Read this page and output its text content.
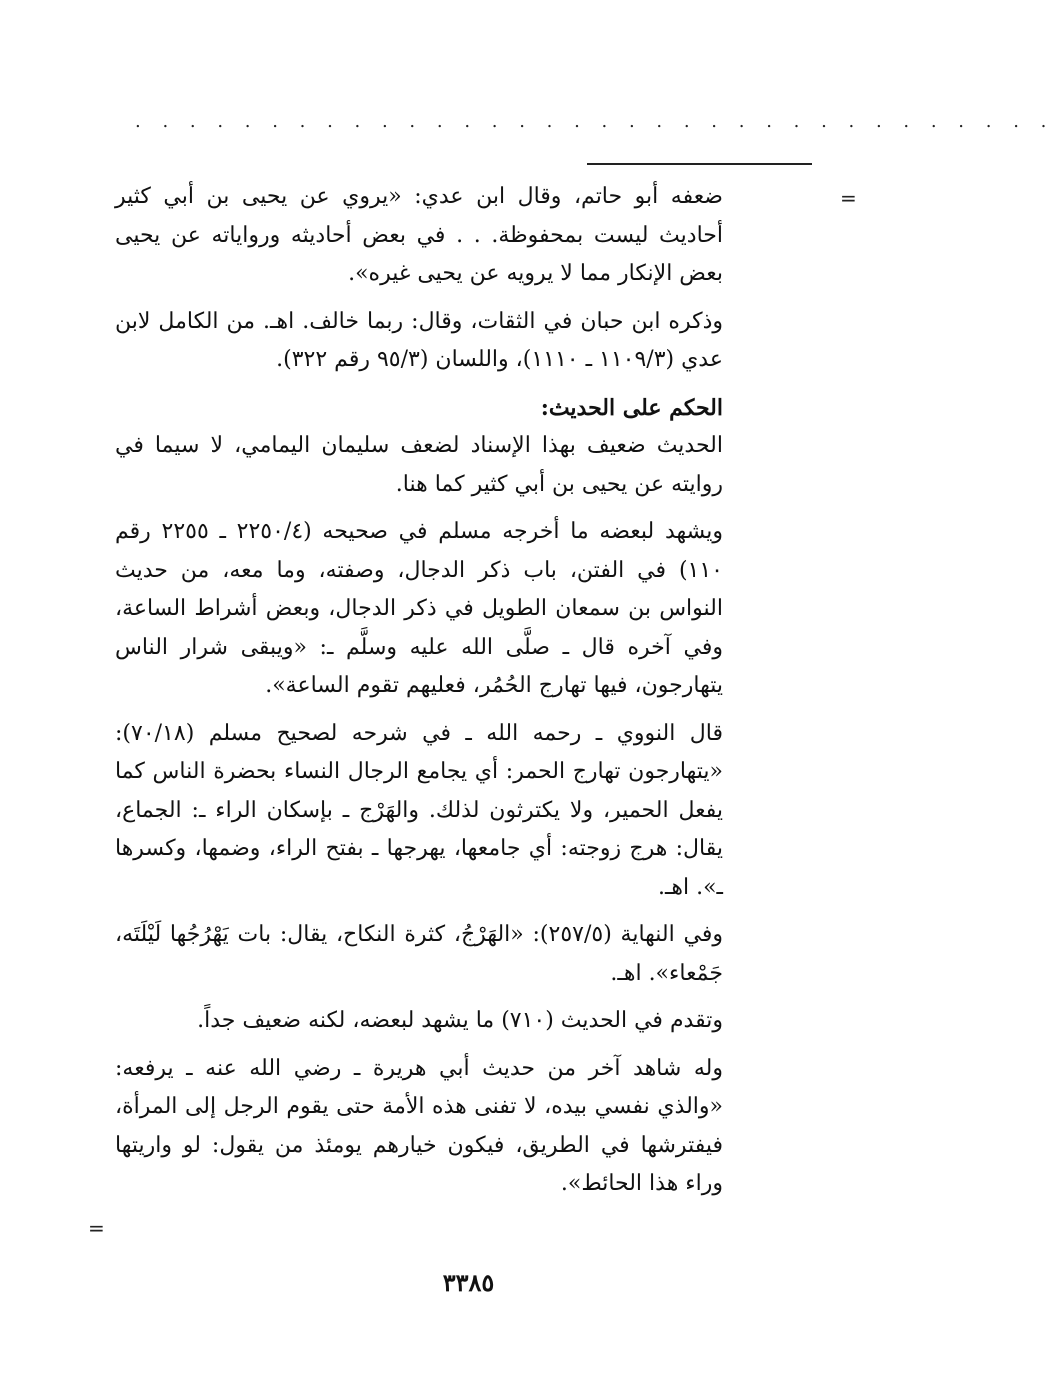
. . . . . . . . . . . . . . . . . . . . . . . . . . . . . . . . . .
=

ضعفه أبو حاتم، وقال ابن عدي: «يروي عن يحيى بن أبي كثير أحاديث ليست بمحفوظة. . . في بعض أحاديثه ورواياته عن يحيى بعض الإنكار مما لا يرويه عن يحيى غيره».

وذكره ابن حبان في الثقات، وقال: ربما خالف. اهـ. من الكامل لابن عدي (١١٠٩/٣ ـ ١١١٠)، واللسان (٩٥/٣ رقم ٣٢٢).

الحكم على الحديث:

الحديث ضعيف بهذا الإسناد لضعف سليمان اليمامي، لا سيما في روايته عن يحيى بن أبي كثير كما هنا.

ويشهد لبعضه ما أخرجه مسلم في صحيحه (٢٢٥٠/٤ ـ ٢٢٥٥ رقم ١١٠) في الفتن، باب ذكر الدجال، وصفته، وما معه، من حديث النواس بن سمعان الطويل في ذكر الدجال، وبعض أشراط الساعة، وفي آخره قال ـ صلَّى الله عليه وسلَّم ـ: «ويبقى شرار الناس يتهارجون، فيها تهارج الحُمُر، فعليهم تقوم الساعة».

قال النووي ـ رحمه الله ـ في شرحه لصحيح مسلم (٧٠/١٨): «يتهارجون تهارج الحمر: أي يجامع الرجال النساء بحضرة الناس كما يفعل الحمير، ولا يكترثون لذلك. والهَرْج ـ بإسكان الراء ـ: الجماع، يقال: هرج زوجته: أي جامعها، يهرجها ـ بفتح الراء، وضمها، وكسرها ـ». اهـ.

وفي النهاية (٢٥٧/٥): «الهَرْجُ، كثرة النكاح، يقال: بات يَهْرُجُها لَيْلَتَه، جَمْعاء». اهـ.

وتقدم في الحديث (٧١٠) ما يشهد لبعضه، لكنه ضعيف جداً.

وله شاهد آخر من حديث أبي هريرة ـ رضي الله عنه ـ يرفعه: «والذي نفسي بيده، لا تفنى هذه الأمة حتى يقوم الرجل إلى المرأة، فيفترشها في الطريق، فيكون خيارهم يومئذ من يقول: لو واريتها وراء هذا الحائط».

=
٣٣٨٥
